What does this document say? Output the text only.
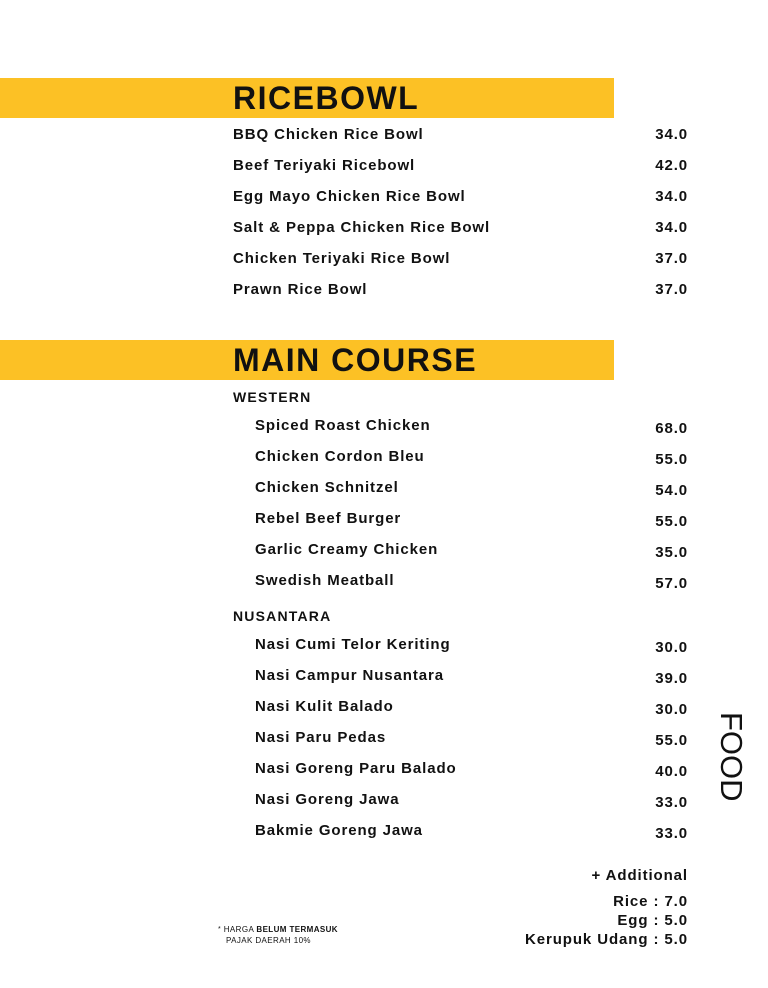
RICEBOWL
BBQ Chicken Rice Bowl	34.0
Beef Teriyaki Ricebowl	42.0
Egg Mayo Chicken Rice Bowl	34.0
Salt & Peppa Chicken Rice Bowl	34.0
Chicken Teriyaki Rice Bowl	37.0
Prawn Rice Bowl	37.0
MAIN COURSE
WESTERN
Spiced Roast Chicken	68.0
Chicken Cordon Bleu	55.0
Chicken Schnitzel	54.0
Rebel Beef Burger	55.0
Garlic Creamy Chicken	35.0
Swedish Meatball	57.0
NUSANTARA
Nasi Cumi Telor Keriting	30.0
Nasi Campur Nusantara	39.0
Nasi Kulit Balado	30.0
Nasi Paru Pedas	55.0
Nasi Goreng Paru Balado	40.0
Nasi Goreng Jawa	33.0
Bakmie Goreng Jawa	33.0
FOOD
+ Additional
Rice : 7.0
Egg : 5.0
Kerupuk Udang : 5.0
* HARGA BELUM TERMASUK
PAJAK DAERAH 10%
